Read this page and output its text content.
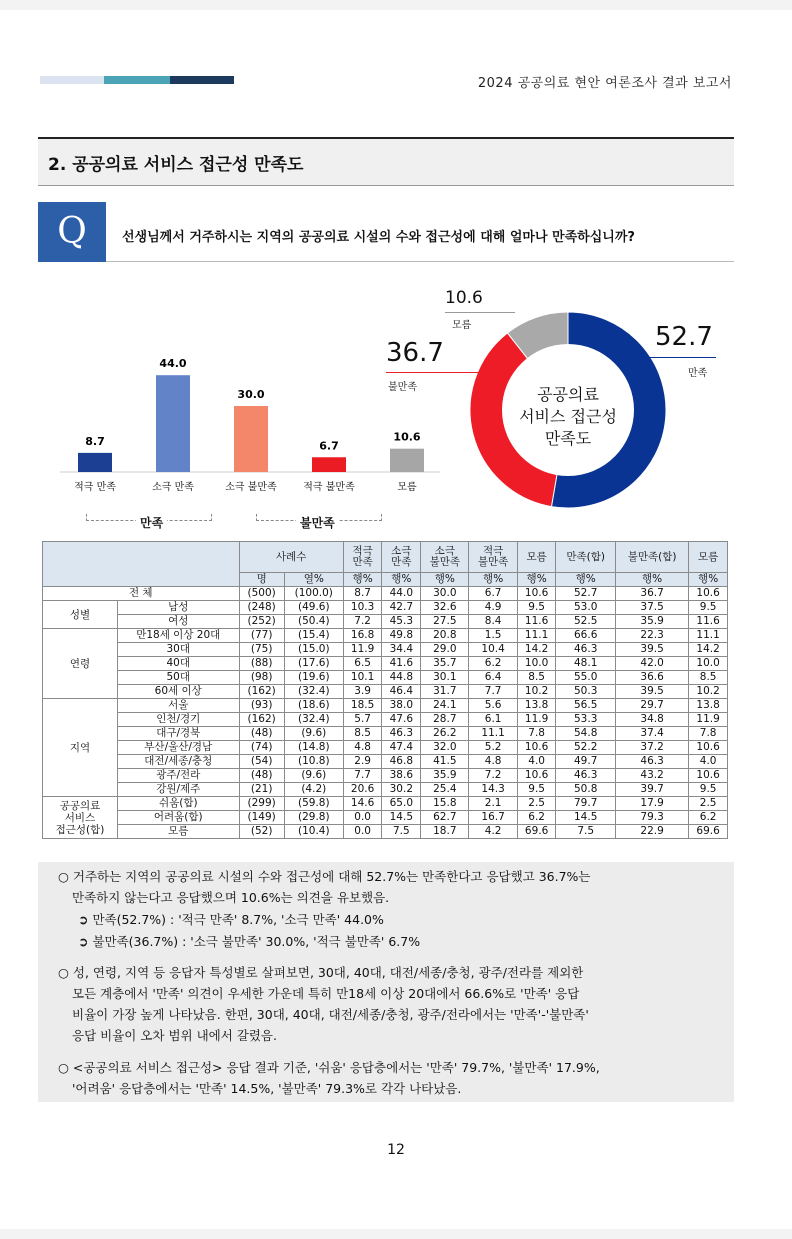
2024 공공의료 현안 여론조사 결과 보고서
2. 공공의료 서비스 접근성 만족도
Q	선생님께서 거주하시는 지역의 공공의료 시설의 수와 접근성에 대해 얼마나 만족하십니까?
8.7
적극 만족
44.0
소극 만족
30.0
소극 불만족
6.7
적극 불만족
10.6
모름
만족	불만족
공공의료
서비스 접근성
만족도
10.6
모름	52.7
만족
36.7
불만족
		사례수		적극
만족	소극
만족	소극
불만족	적극
불만족	모름	만족(합)	불만족(합)	모름
		명	열%	행%	행%	행%	행%	행%	행%	행%	행%
전 체		(500)	(100.0)	8.7	44.0	30.0	6.7	10.6	52.7	36.7	10.6
성별	남성	(248)	(49.6)	10.3	42.7	32.6	4.9	9.5	53.0	37.5	9.5
	여성	(252)	(50.4)	7.2	45.3	27.5	8.4	11.6	52.5	35.9	11.6
연령	만18세 이상 20대	(77)	(15.4)	16.8	49.8	20.8	1.5	11.1	66.6	22.3	11.1
	30대	(75)	(15.0)	11.9	34.4	29.0	10.4	14.2	46.3	39.5	14.2
	40대	(88)	(17.6)	6.5	41.6	35.7	6.2	10.0	48.1	42.0	10.0
	50대	(98)	(19.6)	10.1	44.8	30.1	6.4	8.5	55.0	36.6	8.5
	60세 이상	(162)	(32.4)	3.9	46.4	31.7	7.7	10.2	50.3	39.5	10.2
지역	서울	(93)	(18.6)	18.5	38.0	24.1	5.6	13.8	56.5	29.7	13.8
	인천/경기	(162)	(32.4)	5.7	47.6	28.7	6.1	11.9	53.3	34.8	11.9
	대구/경북	(48)	(9.6)	8.5	46.3	26.2	11.1	7.8	54.8	37.4	7.8
	부산/울산/경남	(74)	(14.8)	4.8	47.4	32.0	5.2	10.6	52.2	37.2	10.6
	대전/세종/충청	(54)	(10.8)	2.9	46.8	41.5	4.8	4.0	49.7	46.3	4.0
	광주/전라	(48)	(9.6)	7.7	38.6	35.9	7.2	10.6	46.3	43.2	10.6
	강원/제주	(21)	(4.2)	20.6	30.2	25.4	14.3	9.5	50.8	39.7	9.5
공공의료
서비스
접근성(합)	쉬움(합)	(299)	(59.8)	14.6	65.0	15.8	2.1	2.5	79.7	17.9	2.5
	어려움(합)	(149)	(29.8)	0.0	14.5	62.7	16.7	6.2	14.5	79.3	6.2
	모름	(52)	(10.4)	0.0	7.5	18.7	4.2	69.6	7.5	22.9	69.6
○ 거주하는 지역의 공공의료 시설의 수와 접근성에 대해 52.7%는 만족한다고 응답했고 36.7%는
만족하지 않는다고 응답했으며 10.6%는 의견을 유보했음.
➲ 만족(52.7%) : '적극 만족' 8.7%, '소극 만족' 44.0%
➲ 불만족(36.7%) : '소극 불만족' 30.0%, '적극 불만족' 6.7%
○ 성, 연령, 지역 등 응답자 특성별로 살펴보면, 30대, 40대, 대전/세종/충청, 광주/전라를 제외한
모든 계층에서 '만족' 의견이 우세한 가운데 특히 만18세 이상 20대에서 66.6%로 '만족' 응답
비율이 가장 높게 나타났음. 한편, 30대, 40대, 대전/세종/충청, 광주/전라에서는 '만족'-'불만족'
응답 비율이 오차 범위 내에서 갈렸음.
○ <공공의료 서비스 접근성> 응답 결과 기준, '쉬움' 응답층에서는 '만족' 79.7%, '불만족' 17.9%,
'어려움' 응답층에서는 '만족' 14.5%, '불만족' 79.3%로 각각 나타났음.
12
